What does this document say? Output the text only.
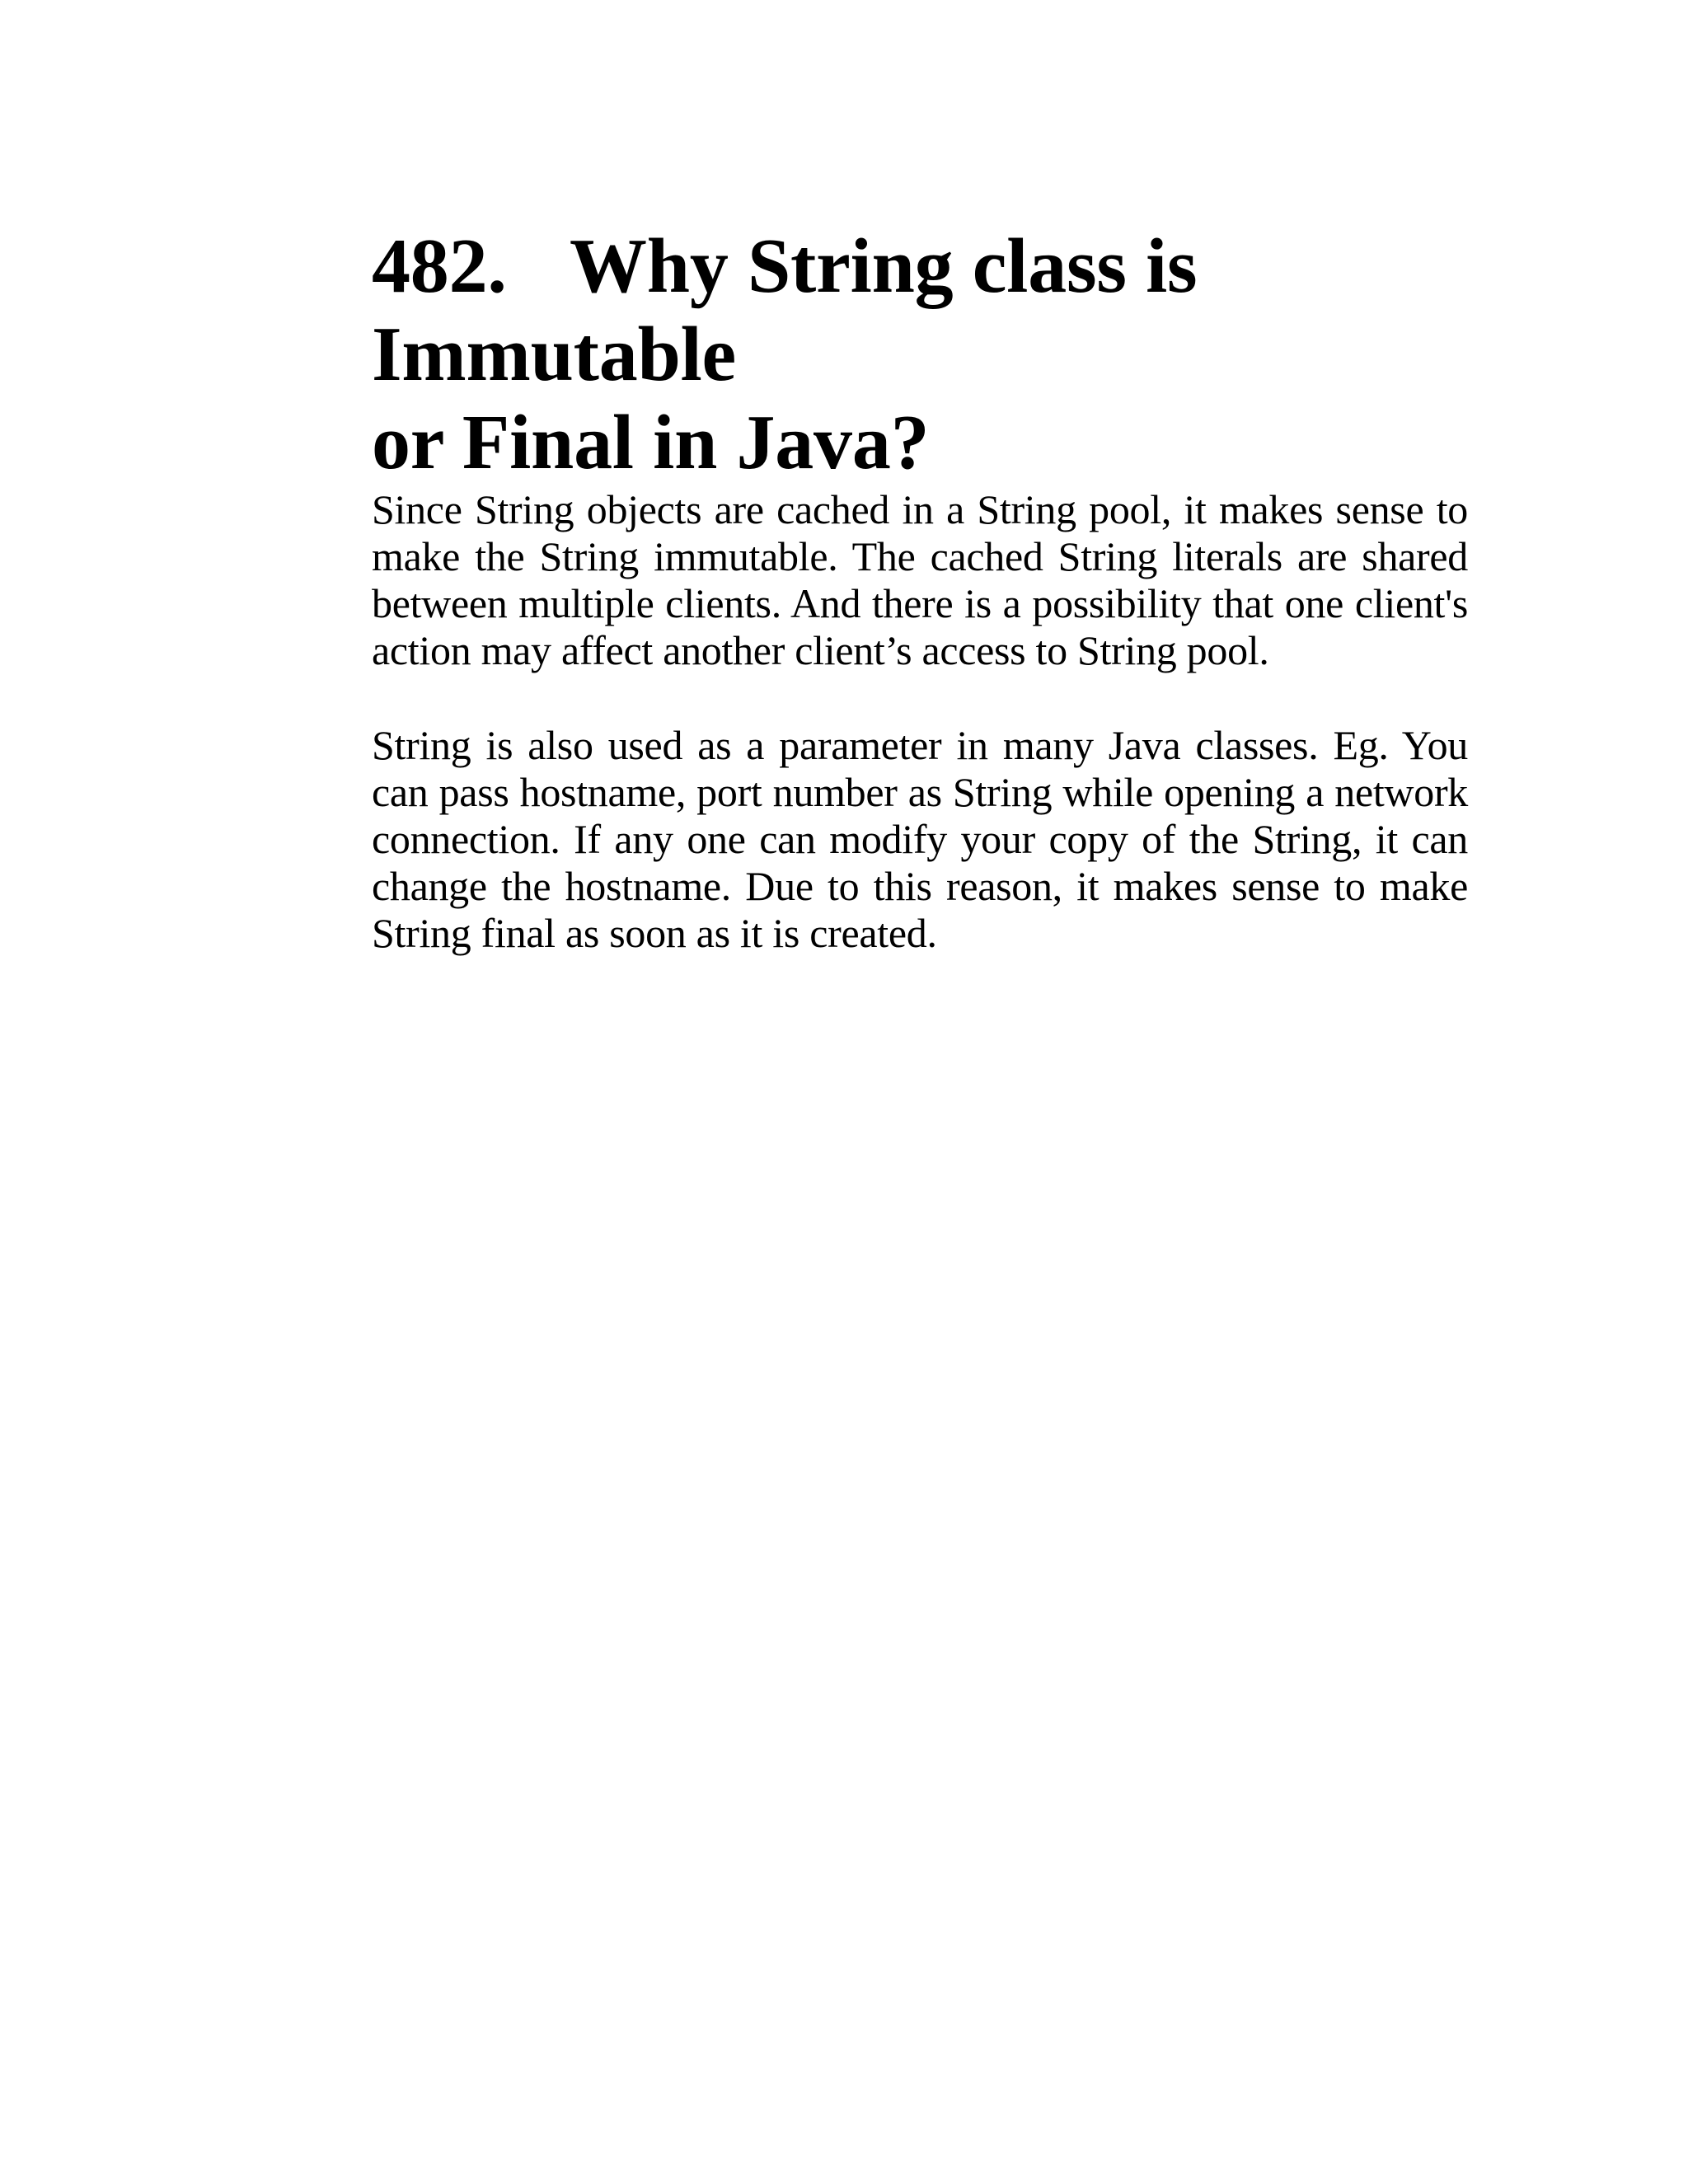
482. Why String class is Immutable
or Final in Java?

Since String objects are cached in a String pool, it makes sense to make the String immutable. The cached String literals are shared between multiple clients. And there is a possibility that one client's action may affect another client’s access to String pool.

String is also used as a parameter in many Java classes. Eg. You can pass hostname, port number as String while opening a network connection. If any one can modify your copy of the String, it can change the hostname. Due to this reason, it makes sense to make String final as soon as it is created.
